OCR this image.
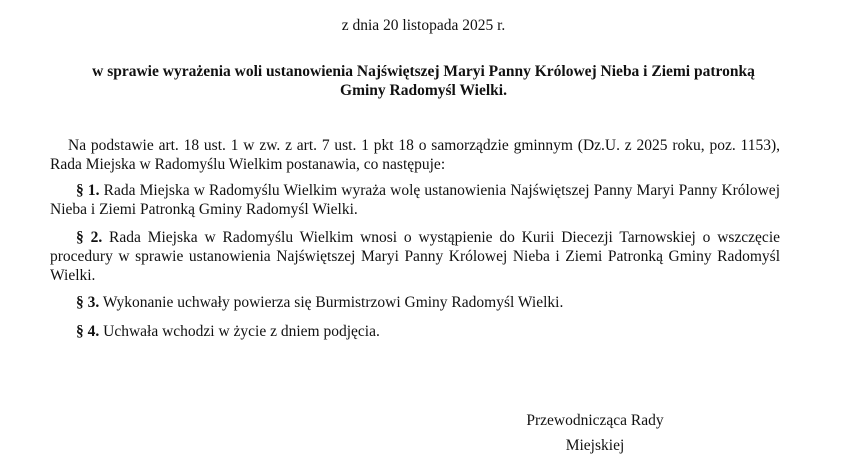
z dnia 20 listopada 2025 r.
w sprawie wyrażenia woli ustanowienia Najświętszej Maryi Panny Królowej Nieba i Ziemi patronką
Gminy Radomyśl Wielki.
Na podstawie art. 18 ust. 1 w zw. z art. 7 ust. 1 pkt 18 o samorządzie gminnym (Dz.U. z 2025 roku, poz. 1153), Rada Miejska w Radomyślu Wielkim postanawia, co następuje:
§ 1. Rada Miejska w Radomyślu Wielkim wyraża wolę ustanowienia Najświętszej Panny Maryi Panny Królowej Nieba i Ziemi Patronką Gminy Radomyśl Wielki.
§ 2. Rada Miejska w Radomyślu Wielkim wnosi o wystąpienie do Kurii Diecezji Tarnowskiej o wszczęcie procedury w sprawie ustanowienia Najświętszej Maryi Panny Królowej Nieba i Ziemi Patronką Gminy Radomyśl Wielki.
§ 3. Wykonanie uchwały powierza się Burmistrzowi Gminy Radomyśl Wielki.
§ 4. Uchwała wchodzi w życie z dniem podjęcia.
Przewodnicząca Rady
Miejskiej
